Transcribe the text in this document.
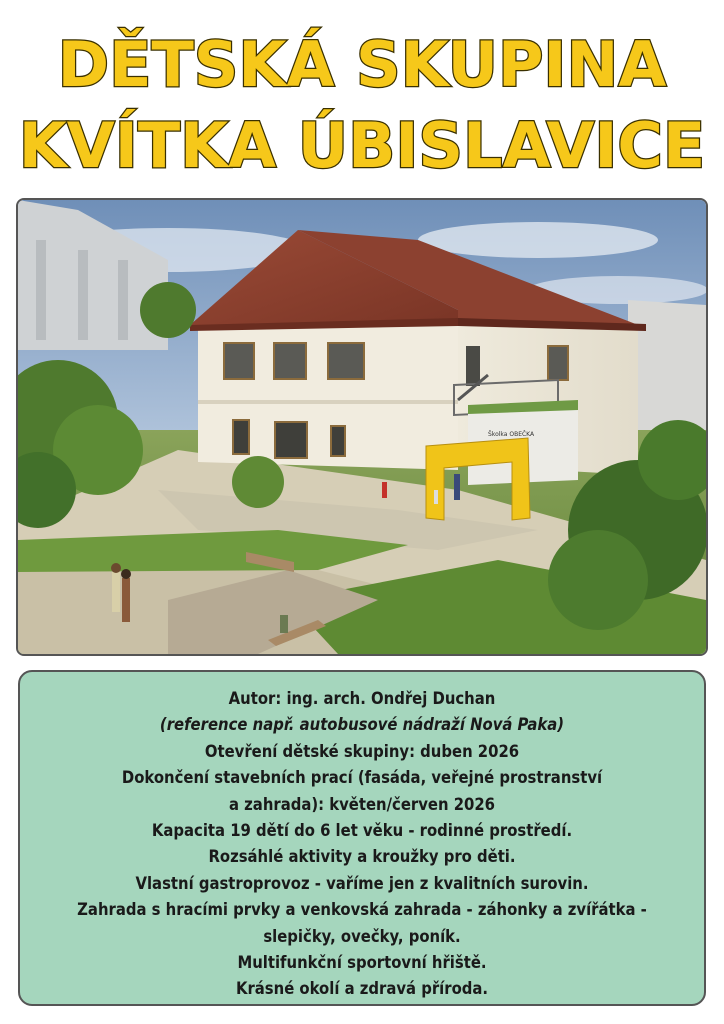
DĚTSKÁ SKUPINA
KVÍTKA ÚBISLAVICE
Školka OBEČKA

Autor: ing. arch. Ondřej Duchan

(reference např. autobusové nádraží Nová Paka)

Otevření dětské skupiny: duben 2026

Dokončení stavebních prací (fasáda, veřejné prostranství

a zahrada): květen/červen 2026

Kapacita 19 dětí do 6 let věku - rodinné prostředí.

Rozsáhlé aktivity a kroužky pro děti.

Vlastní gastroprovoz - vaříme jen z kvalitních surovin.

Zahrada s hracími prvky a venkovská zahrada - záhonky a zvířátka -

slepičky, ovečky, poník.

Multifunkční sportovní hřiště.

Krásné okolí a zdravá příroda.
